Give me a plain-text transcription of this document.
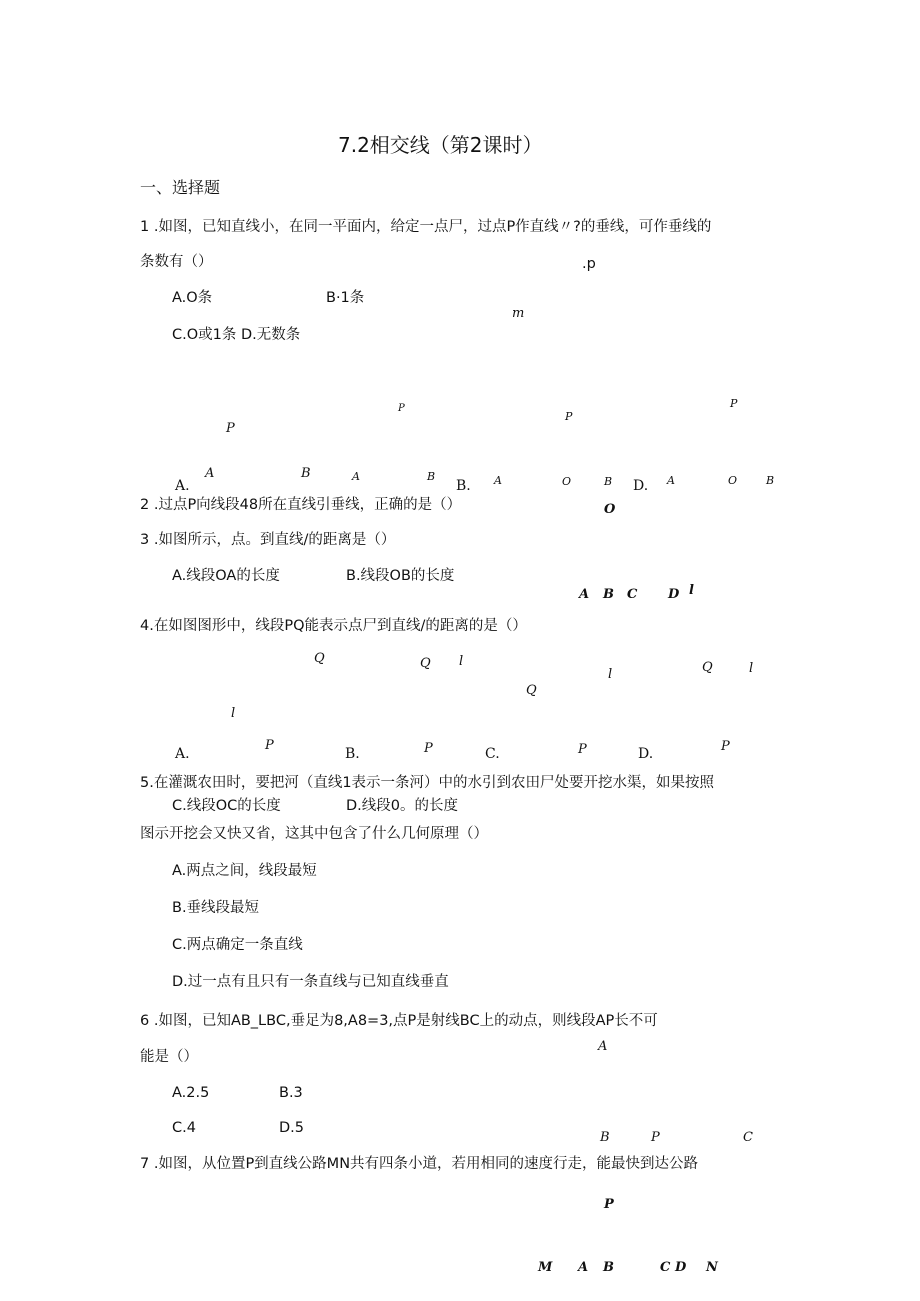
7.2相交线（第2课时）
一、选择题
1 .如图，已知直线小，在同一平面内，给定一点尸，过点P作直线〃?的垂线，可作垂线的
条数有（）	.p
A.O条	B·1条
m
C.O或1条 D.无数条
P
A	B
A.
P
A	B
B.
P
A	O	B
P
A	O	B
D.
2 .过点P向线段48所在直线引垂线，正确的是（）
3 .如图所示，点。到直线/的距离是（）
A.线段OA的长度	B.线段OB的长度
O
A B C D l
4.在如图图形中，线段PQ能表示点尸到直线/的距离的是（）
Q
l
P
A.
Q l
P
B.
Q
l
P
C.
Q	l
P
D.
5.在灌溉农田时，要把河（直线1表示一条河）中的水引到农田尸处要开挖水渠，如果按照
C.线段OC的长度	D.线段0。的长度
图示开挖会又快又省，这其中包含了什么几何原理（）
A.两点之间，线段最短
B.垂线段最短
C.两点确定一条直线
D.过一点有且只有一条直线与已知直线垂直
6 .如图，已知AB_LBC,垂足为8,A8=3,点P是射线BC上的动点，则线段AP长不可
能是（）
A.2.5	B.3
C.4	D.5
A
B	P	C
7 .如图，从位置P到直线公路MN共有四条小道，若用相同的速度行走，能最快到达公路
P
M A B	C D N
